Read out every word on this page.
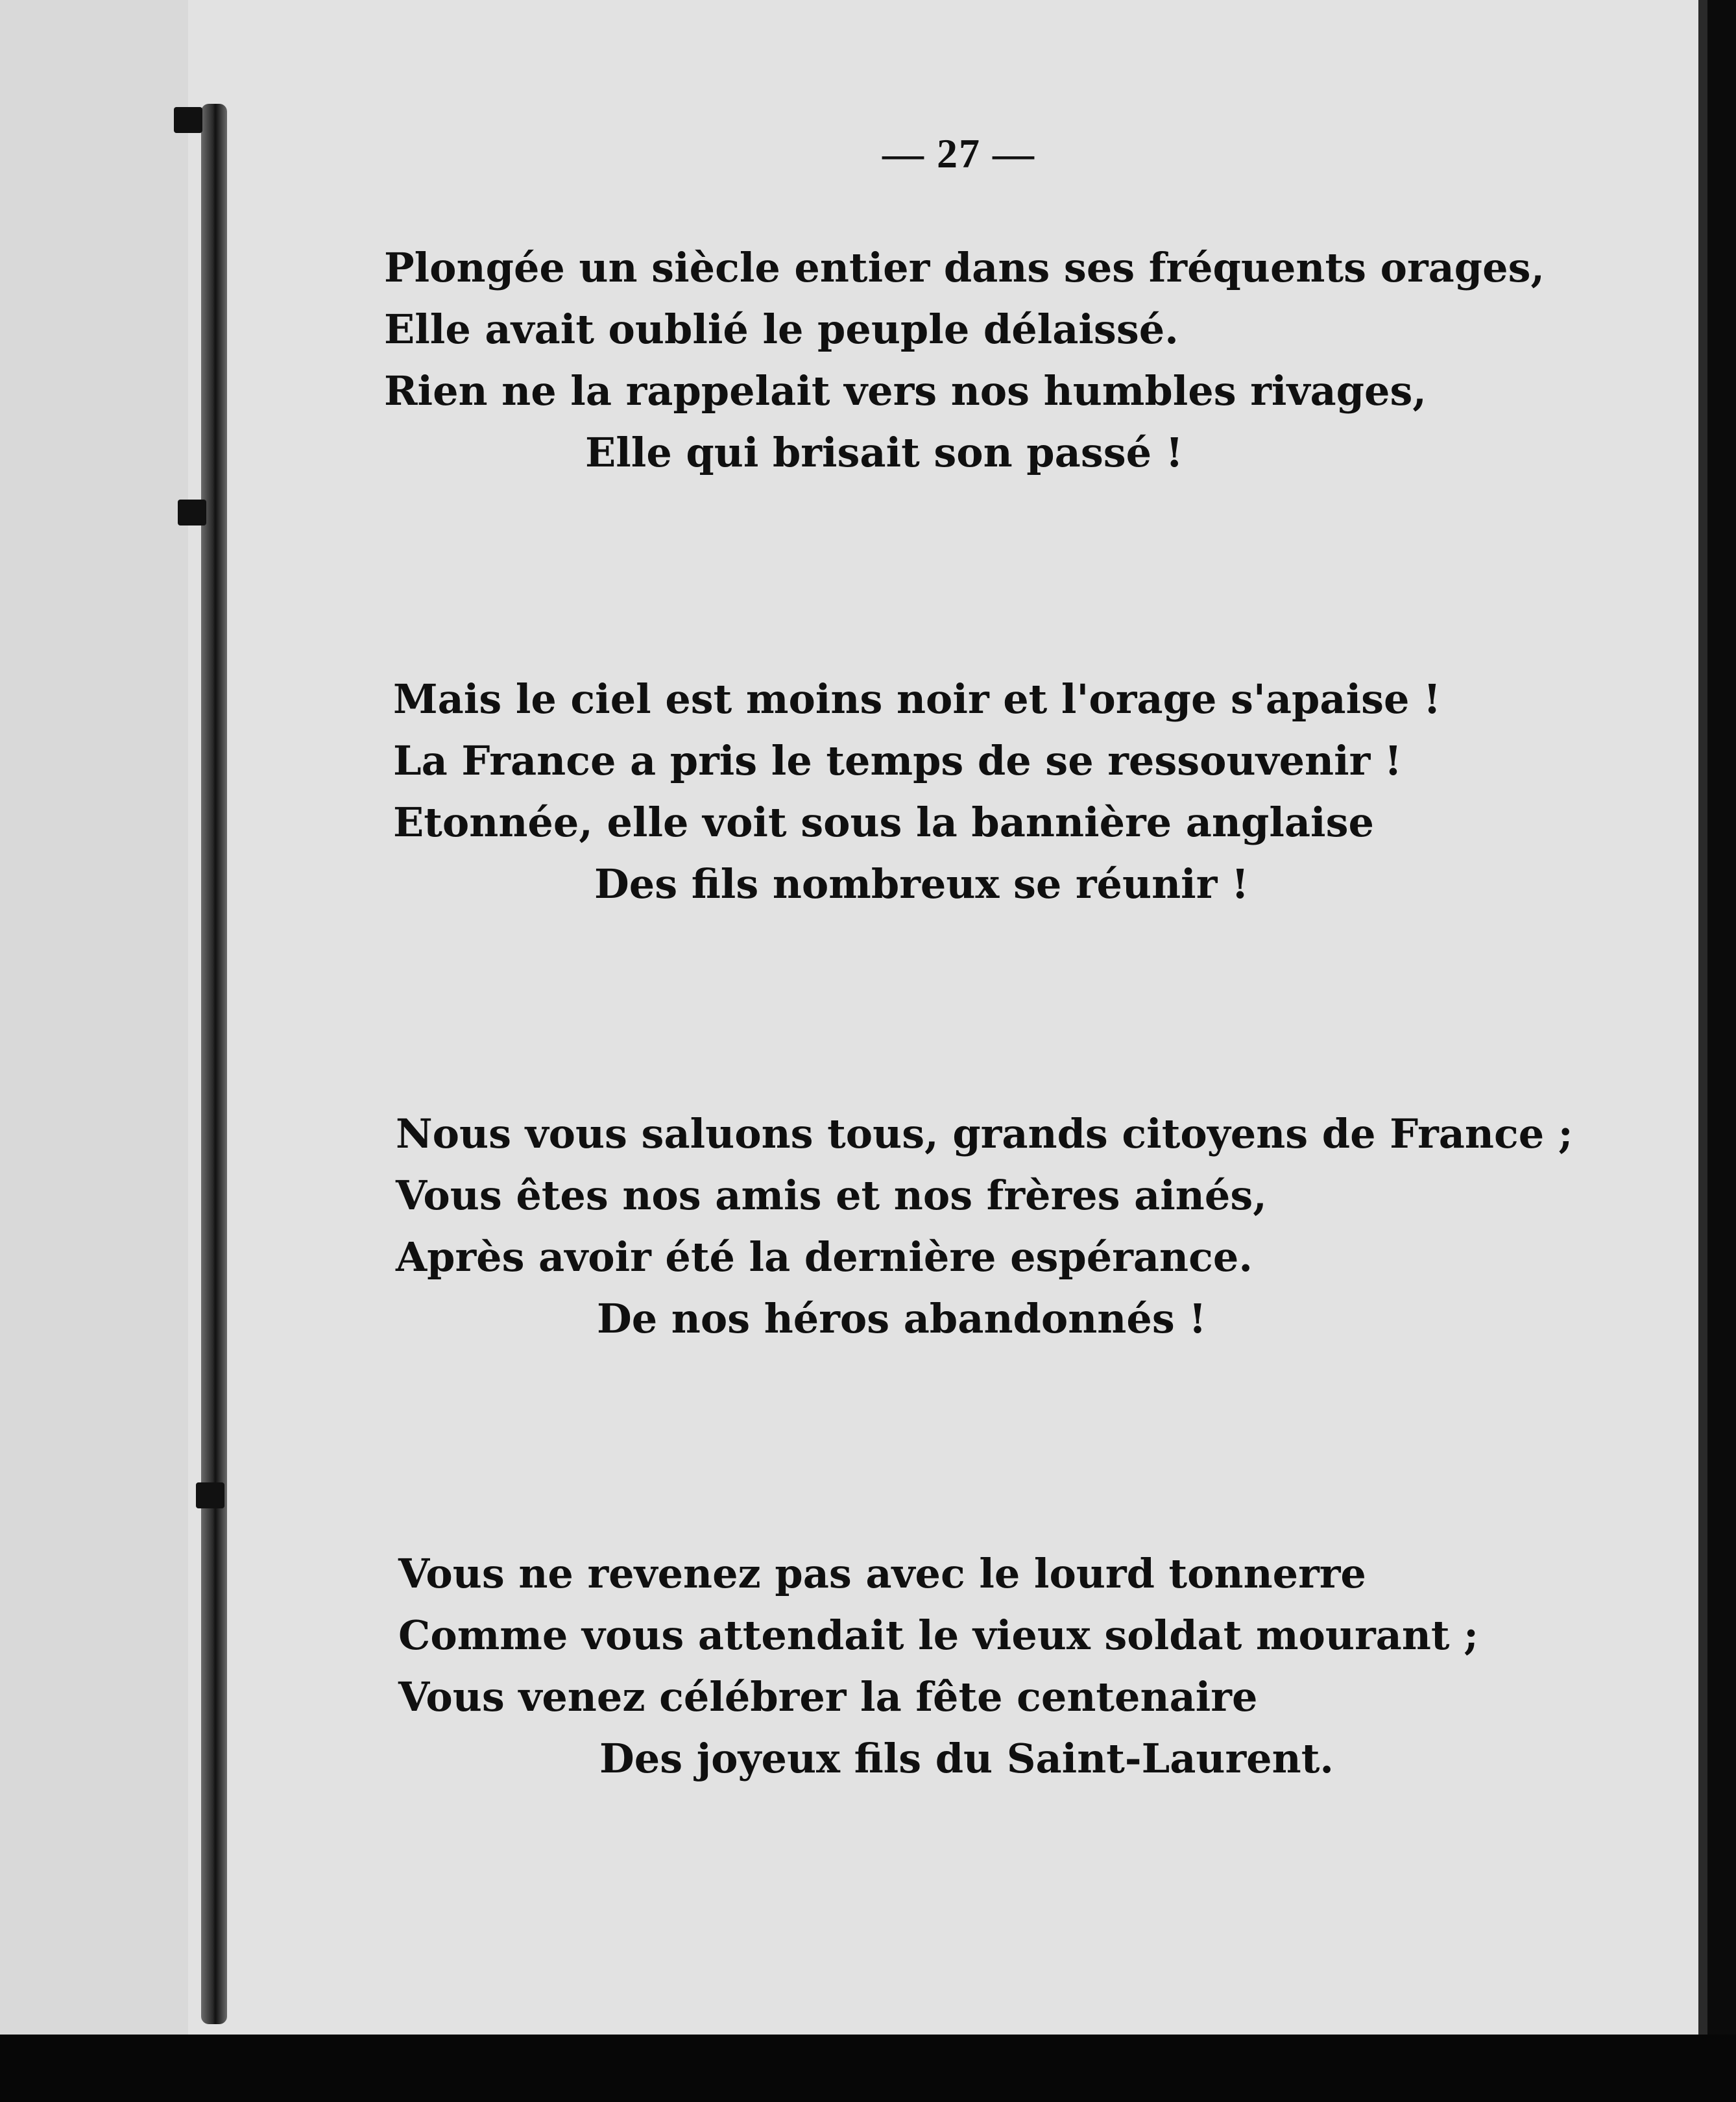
— 27 —
Plongée un siècle entier dans ses fréquents orages,
Elle avait oublié le peuple délaissé.
Rien ne la rappelait vers nos humbles rivages,
Elle qui brisait son passé !
Mais le ciel est moins noir et l'orage s'apaise !
La France a pris le temps de se ressouvenir !
Etonnée, elle voit sous la bannière anglaise
Des fils nombreux se réunir !
Nous vous saluons tous, grands citoyens de France ;
Vous êtes nos amis et nos frères ainés,
Après avoir été la dernière espérance.
De nos héros abandonnés !
Vous ne revenez pas avec le lourd tonnerre
Comme vous attendait le vieux soldat mourant ;
Vous venez célébrer la fête centenaire
Des joyeux fils du Saint-Laurent.
